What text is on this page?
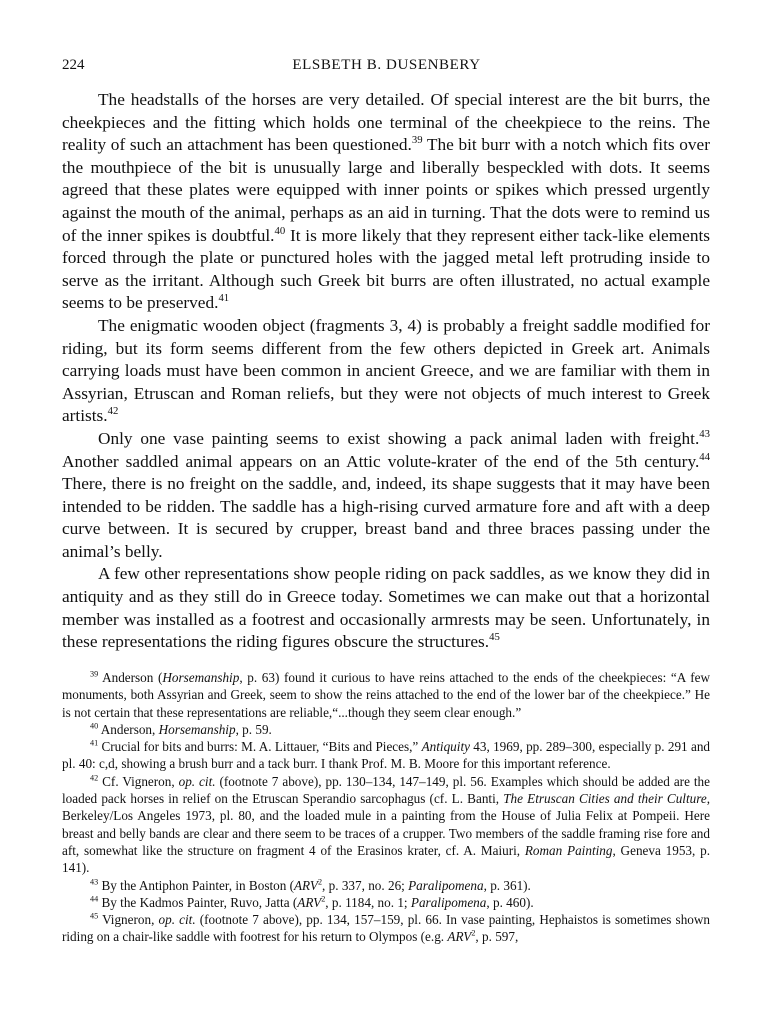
224	ELSBETH B. DUSENBERY

The headstalls of the horses are very detailed. Of special interest are the bit burrs, the cheekpieces and the fitting which holds one terminal of the cheekpiece to the reins. The reality of such an attachment has been questioned.$^{39}$ The bit burr with a notch which fits over the mouthpiece of the bit is unusually large and liberally bespeckled with dots. It seems agreed that these plates were equipped with inner points or spikes which pressed urgently against the mouth of the animal, perhaps as an aid in turning. That the dots were to remind us of the inner spikes is doubtful.$^{40}$ It is more likely that they represent either tack-like elements forced through the plate or punctured holes with the jagged metal left protruding inside to serve as the irritant. Although such Greek bit burrs are often illustrated, no actual example seems to be preserved.$^{41}$

The enigmatic wooden object (fragments 3, 4) is probably a freight saddle modified for riding, but its form seems different from the few others depicted in Greek art. Animals carrying loads must have been common in ancient Greece, and we are familiar with them in Assyrian, Etruscan and Roman reliefs, but they were not objects of much interest to Greek artists.$^{42}$

Only one vase painting seems to exist showing a pack animal laden with freight.$^{43}$ Another saddled animal appears on an Attic volute-krater of the end of the 5th century.$^{44}$ There, there is no freight on the saddle, and, indeed, its shape suggests that it may have been intended to be ridden. The saddle has a high-rising curved armature fore and aft with a deep curve between. It is secured by crupper, breast band and three braces passing under the animal’s belly.

A few other representations show people riding on pack saddles, as we know they did in antiquity and as they still do in Greece today. Sometimes we can make out that a horizontal member was installed as a footrest and occasionally armrests may be seen. Unfortunately, in these representations the riding figures obscure the structures.$^{45}$

$^{39}$ Anderson (Horsemanship, p. 63) found it curious to have reins attached to the ends of the cheekpieces: “A few monuments, both Assyrian and Greek, seem to show the reins attached to the end of the lower bar of the cheekpiece.” He is not certain that these representations are reliable,“...though they seem clear enough.”

$^{40}$ Anderson, Horsemanship, p. 59.

$^{41}$ Crucial for bits and burrs: M. A. Littauer, “Bits and Pieces,” Antiquity 43, 1969, pp. 289–300, especially p. 291 and pl. 40: c,d, showing a brush burr and a tack burr. I thank Prof. M. B. Moore for this important reference.

$^{42}$ Cf. Vigneron, op. cit. (footnote 7 above), pp. 130–134, 147–149, pl. 56. Examples which should be added are the loaded pack horses in relief on the Etruscan Sperandio sarcophagus (cf. L. Banti, The Etruscan Cities and their Culture, Berkeley/Los Angeles 1973, pl. 80, and the loaded mule in a painting from the House of Julia Felix at Pompeii. Here breast and belly bands are clear and there seem to be traces of a crupper. Two members of the saddle framing rise fore and aft, somewhat like the structure on fragment 4 of the Erasinos krater, cf. A. Maiuri, Roman Painting, Geneva 1953, p. 141).

$^{43}$ By the Antiphon Painter, in Boston (ARV$^2$, p. 337, no. 26; Paralipomena, p. 361).

$^{44}$ By the Kadmos Painter, Ruvo, Jatta (ARV$^2$, p. 1184, no. 1; Paralipomena, p. 460).

$^{45}$ Vigneron, op. cit. (footnote 7 above), pp. 134, 157–159, pl. 66. In vase painting, Hephaistos is sometimes shown riding on a chair-like saddle with footrest for his return to Olympos (e.g. ARV$^2$, p. 597,
